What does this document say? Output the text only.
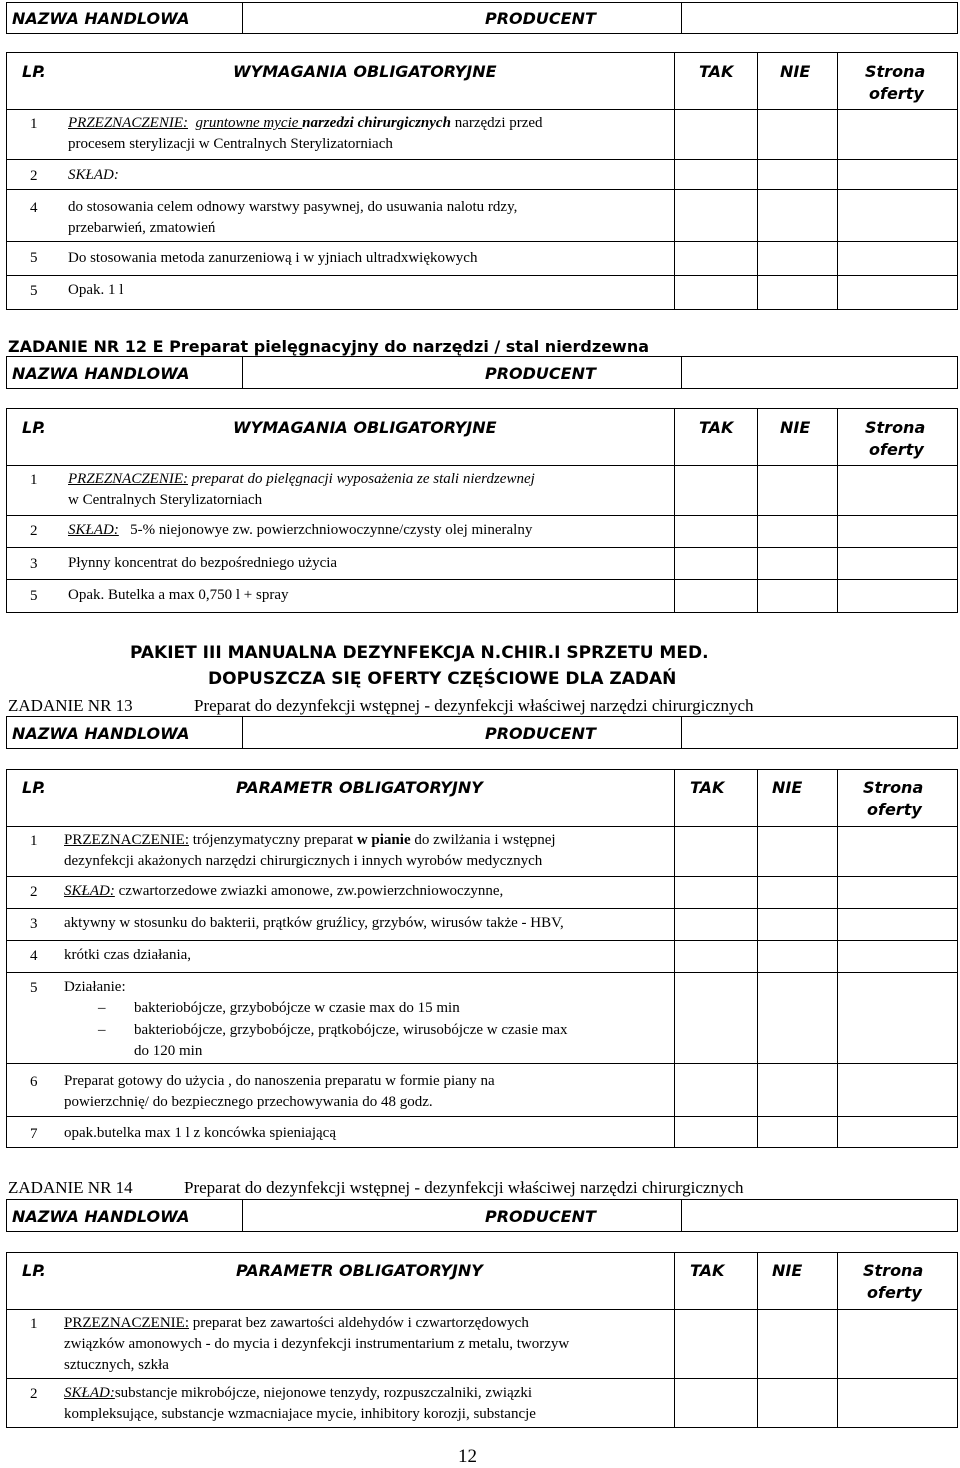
NAZWA HANDLOWA	PRODUCENT
LP.	WYMAGANIA OBLIGATORYJNE	TAK	NIE	Strona
oferty
1 PRZEZNACZENIE: gruntowne mycie narzedzi chirurgicznych narzędzi przed
procesem sterylizacji w Centralnych Sterylizatorniach
2 SKŁAD:
4 do stosowania celem odnowy warstwy pasywnej, do usuwania nalotu rdzy,
przebarwień, zmatowień
5 Do stosowania metoda zanurzeniową i w yjniach ultradxwiękowych
5 Opak. 1 l
ZADANIE NR 12 E Preparat pielęgnacyjny do narzędzi / stal nierdzewna
NAZWA HANDLOWA	PRODUCENT
LP.	WYMAGANIA OBLIGATORYJNE	TAK	NIE	Strona
oferty
1 PRZEZNACZENIE: preparat do pielęgnacji wyposażenia ze stali nierdzewnej
w Centralnych Sterylizatorniach
2 SKŁAD: 5-% niejonowye zw. powierzchniowoczynne/czysty olej mineralny
3 Płynny koncentrat do bezpośredniego użycia
5 Opak. Butelka a max 0,750 l + spray
PAKIET III MANUALNA DEZYNFEKCJA N.CHIR.I SPRZETU MED.
DOPUSZCZA SIĘ OFERTY CZĘŚCIOWE DLA ZADAŃ
ZADANIE NR 13	Preparat do dezynfekcji wstępnej - dezynfekcji właściwej narzędzi chirurgicznych
NAZWA HANDLOWA	PRODUCENT
LP.	PARAMETR OBLIGATORYJNY	TAK	NIE	Strona
oferty
1 PRZEZNACZENIE: trójenzymatyczny preparat w pianie do zwilżania i wstępnej
dezynfekcji akażonych narzędzi chirurgicznych i innych wyrobów medycznych
2 SKŁAD: czwartorzedowe zwiazki amonowe, zw.powierzchniowoczynne,
3 aktywny w stosunku do bakterii, prątków gruźlicy, grzybów, wirusów także - HBV,
4 krótki czas działania,
5 Działanie:
– bakteriobójcze, grzybobójcze w czasie max do 15 min
– bakteriobójcze, grzybobójcze, prątkobójcze, wirusobójcze w czasie max
do 120 min
6 Preparat gotowy do użycia , do nanoszenia preparatu w formie piany na
powierzchnię/ do bezpiecznego przechowywania do 48 godz.
7 opak.butelka max 1 l z koncówka spieniającą
ZADANIE NR 14	Preparat do dezynfekcji wstępnej - dezynfekcji właściwej narzędzi chirurgicznych
NAZWA HANDLOWA	PRODUCENT
LP.	PARAMETR OBLIGATORYJNY	TAK	NIE	Strona
oferty
1 PRZEZNACZENIE: preparat bez zawartości aldehydów i czwartorzędowych
związków amonowych - do mycia i dezynfekcji instrumentarium z metalu, tworzyw
sztucznych, szkła
2 SKŁAD:substancje mikrobójcze, niejonowe tenzydy, rozpuszczalniki, związki
kompleksujące, substancje wzmacniajace mycie, inhibitory korozji, substancje
12
